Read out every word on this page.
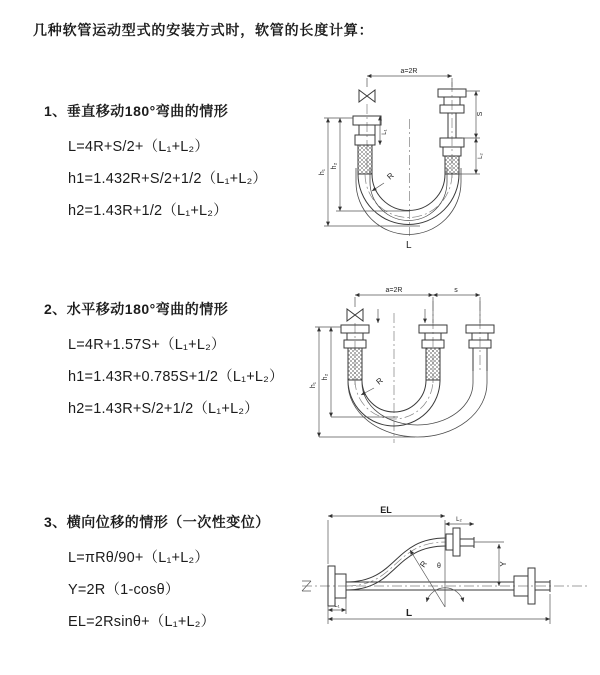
几种软管运动型式的安装方式时，软管的长度计算：
1、垂直移动180°弯曲的情形
L=4R+S/2+（L₁+L₂）
h1=1.432R+S/2+1/2（L₁+L₂）
h2=1.43R+1/2（L₁+L₂）
a=2R
L₁
h₁
h₂
S
L₂
R
L
2、水平移动180°弯曲的情形
L=4R+1.57S+（L₁+L₂）
h1=1.43R+0.785S+1/2（L₁+L₂）
h2=1.43R+S/2+1/2（L₁+L₂）
a=2R	s
h₁
h₂	R
3、横向位移的情形（一次性变位）
L=πRθ/90+（L₁+L₂）
Y=2R（1-cosθ）
EL=2Rsinθ+（L₁+L₂）
EL
L₂
Y
R θ
L₁
L
